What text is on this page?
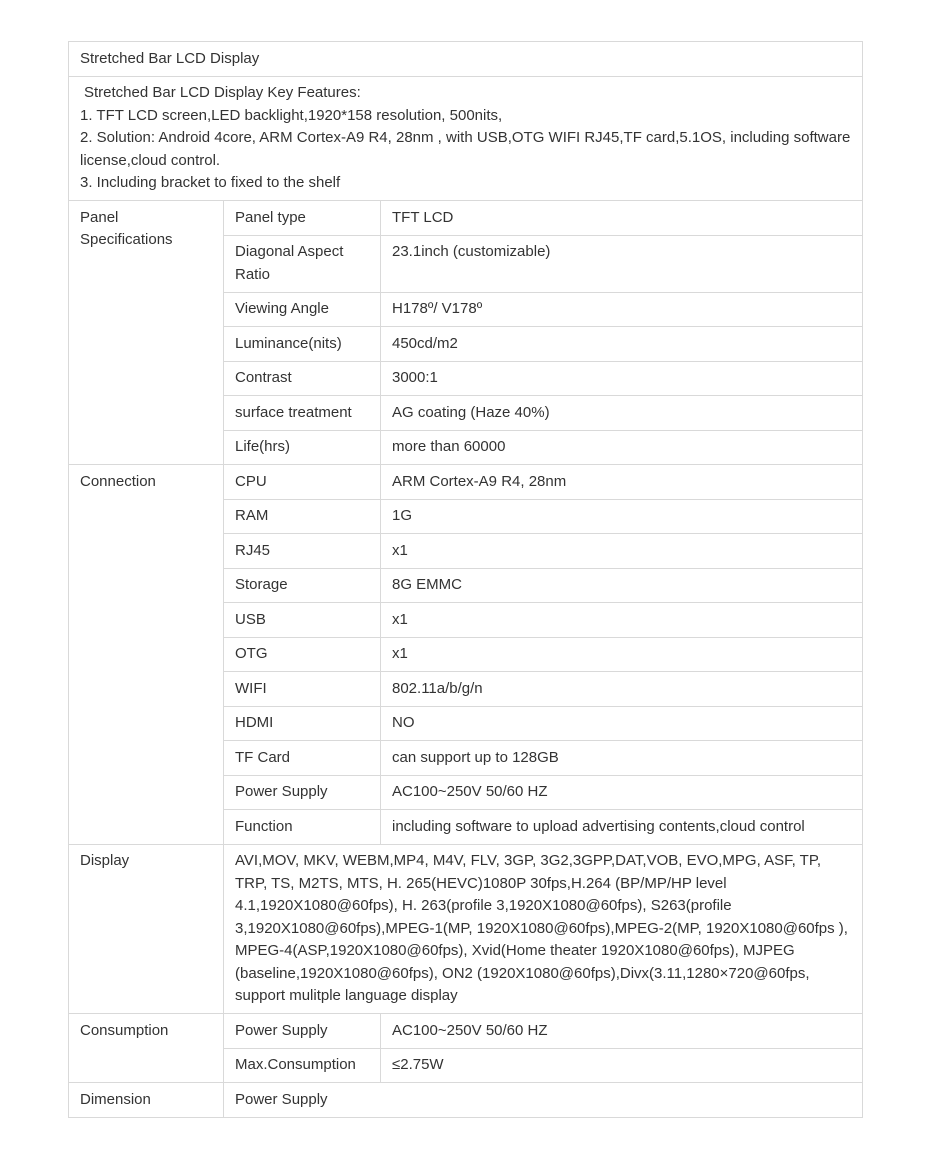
Stretched Bar LCD Display		

Stretched Bar LCD Display Key Features:

1. TFT LCD screen,LED backlight,1920*158 resolution, 500nits,

2. Solution: Android 4core, ARM Cortex-A9 R4, 28nm , with USB,OTG WIFI RJ45,TF card,5.1OS, including software license,cloud control.

3. Including bracket to fixed to the shelf		

Panel Specifications	Panel type	TFT LCD
	Diagonal Aspect Ratio	23.1inch (customizable)
	Viewing Angle	H178º/ V178º
	Luminance(nits)	450cd/m2
	Contrast	3000:1
	surface treatment	AG coating (Haze 40%)
	Life(hrs)	more than 60000
Connection	CPU	ARM Cortex-A9 R4, 28nm
	RAM	1G
	RJ45	x1
	Storage	8G EMMC
	USB	x1
	OTG	x1
	WIFI	802.11a/b/g/n
	HDMI	NO
	TF Card	can support up to 128GB
	Power Supply	AC100~250V 50/60 HZ
	Function	including software to upload advertising contents,cloud control
Display	AVI,MOV, MKV, WEBM,MP4, M4V, FLV, 3GP, 3G2,3GPP,DAT,VOB, EVO,MPG, ASF, TP, TRP, TS, M2TS, MTS, H. 265(HEVC)1080P 30fps,H.264 (BP/MP/HP level 4.1,1920X1080@60fps), H. 263(profile 3,1920X1080@60fps), S263(profile 3,1920X1080@60fps),MPEG-1(MP, 1920X1080@60fps),MPEG-2(MP, 1920X1080@60fps ), MPEG-4(ASP,1920X1080@60fps), Xvid(Home theater 1920X1080@60fps), MJPEG (baseline,1920X1080@60fps), ON2 (1920X1080@60fps),Divx(3.11,1280×720@60fps, support mulitple language display	
Consumption	Power Supply	AC100~250V 50/60 HZ
	Max.Consumption	≤2.75W
Dimension	Power Supply	
